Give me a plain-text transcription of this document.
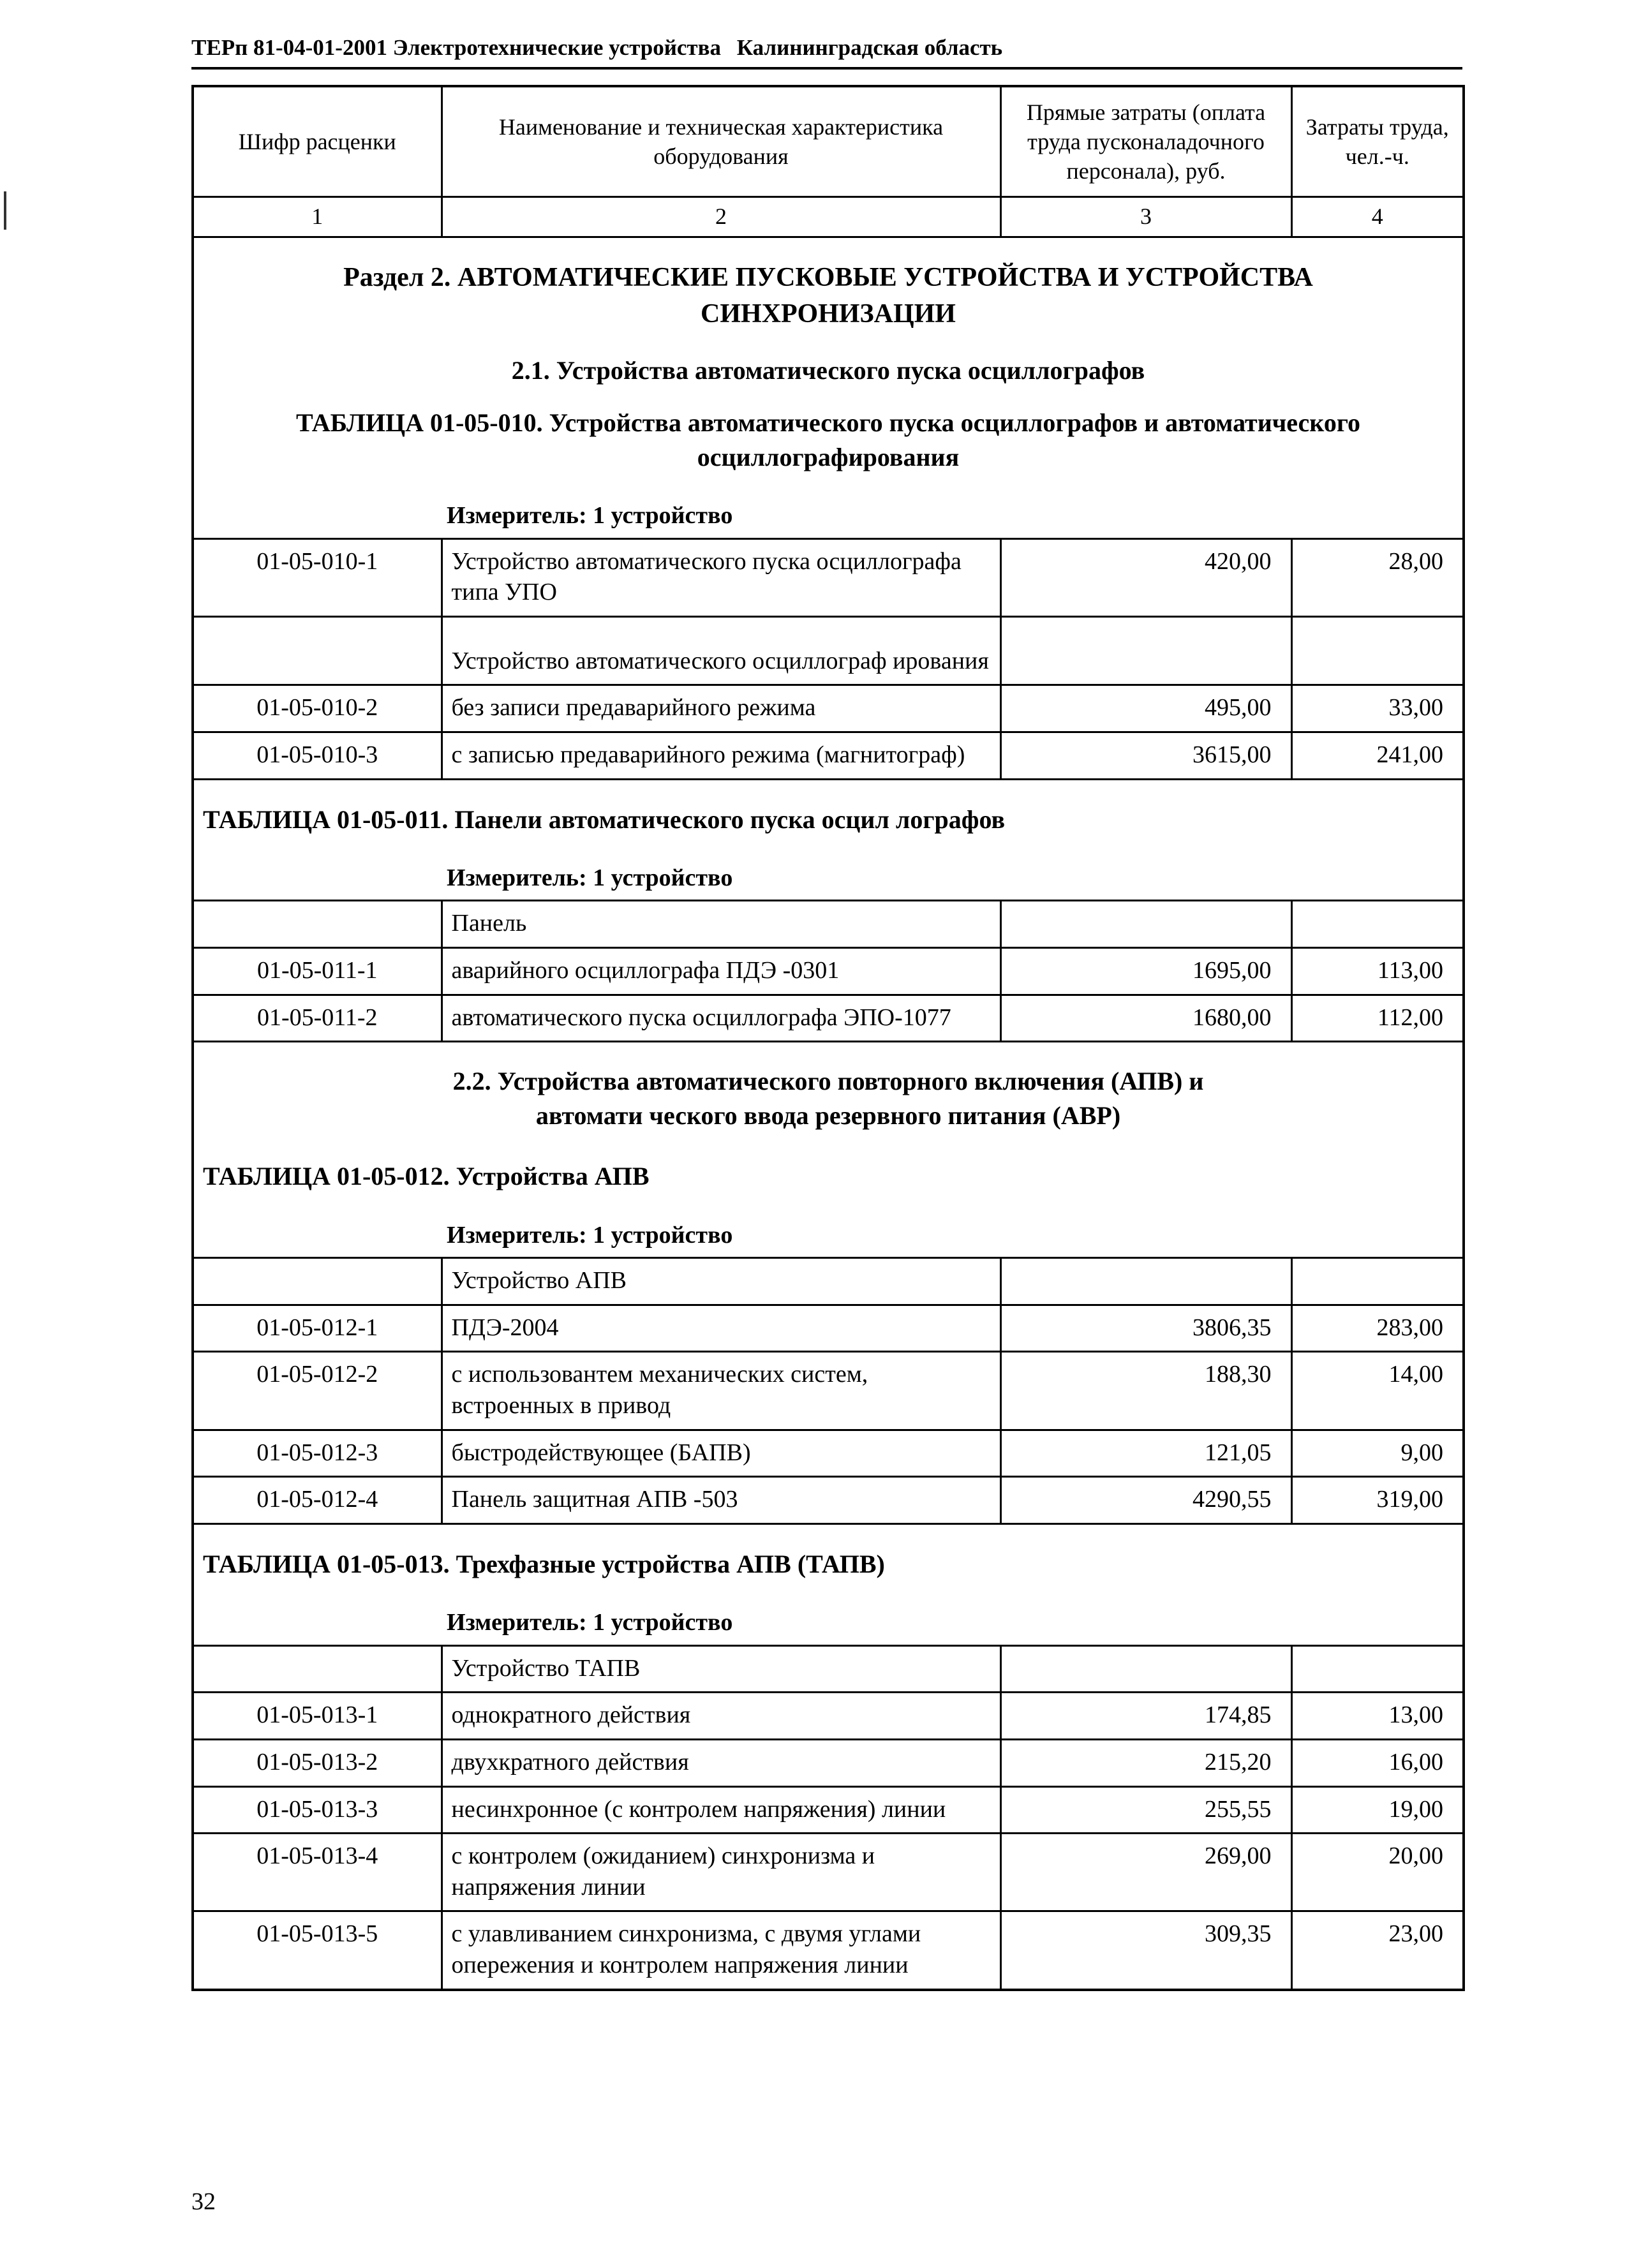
ТЕРп 81-04-01-2001 Электротехнические устройства Калининградская область
Шифр расценки	Наименование и техническая характеристика оборудования	Прямые затраты (оплата труда пусконаладочного персонала), руб.	Затраты труда, чел.-ч.
1	2	3	4

Раздел 2. АВТОМАТИЧЕСКИЕ ПУСКОВЫЕ УСТРОЙСТВА И УСТРОЙСТВА СИНХРОНИЗАЦИИ			

2.1. Устройства автоматического пуска осциллографов			

ТАБЛИЦА 01-05-010. Устройства автоматического пуска осциллографов и автоматического осциллографирования			

Измеритель: 1 устройство			
01-05-010-1	Устройство автоматического пуска осциллографа типа УПО	420,00	28,00
	Устройство автоматического осциллограф ирования		
01-05-010-2	без записи предаварийного режима	495,00	33,00
01-05-010-3	с записью предаварийного режима (магнитограф)	3615,00	241,00

ТАБЛИЦА 01-05-011. Панели автоматического пуска осцил лографов			

Измеритель: 1 устройство			
	Панель		
01-05-011-1	аварийного осциллографа ПДЭ -0301	1695,00	113,00
01-05-011-2	автоматического пуска осциллографа ЭПО-1077	1680,00	112,00

2.2. Устройства автоматического повторного включения (АПВ) и автомати ческого ввода резервного питания (АВР)			

ТАБЛИЦА 01-05-012. Устройства АПВ			

Измеритель: 1 устройство			
	Устройство АПВ		
01-05-012-1	ПДЭ-2004	3806,35	283,00
01-05-012-2	с использовантем механических систем, встроенных в привод	188,30	14,00
01-05-012-3	быстродействующее (БАПВ)	121,05	9,00
01-05-012-4	Панель защитная АПВ -503	4290,55	319,00

ТАБЛИЦА 01-05-013. Трехфазные устройства АПВ (ТАПВ)			

Измеритель: 1 устройство			
	Устройство ТАПВ		
01-05-013-1	однократного действия	174,85	13,00
01-05-013-2	двухкратного действия	215,20	16,00
01-05-013-3	несинхронное (с контролем напряжения) линии	255,55	19,00
01-05-013-4	с контролем (ожиданием) синхронизма и напряжения линии	269,00	20,00
01-05-013-5	с улавливанием синхронизма, с двумя углами опережения и контролем напряжения линии	309,35	23,00
32
